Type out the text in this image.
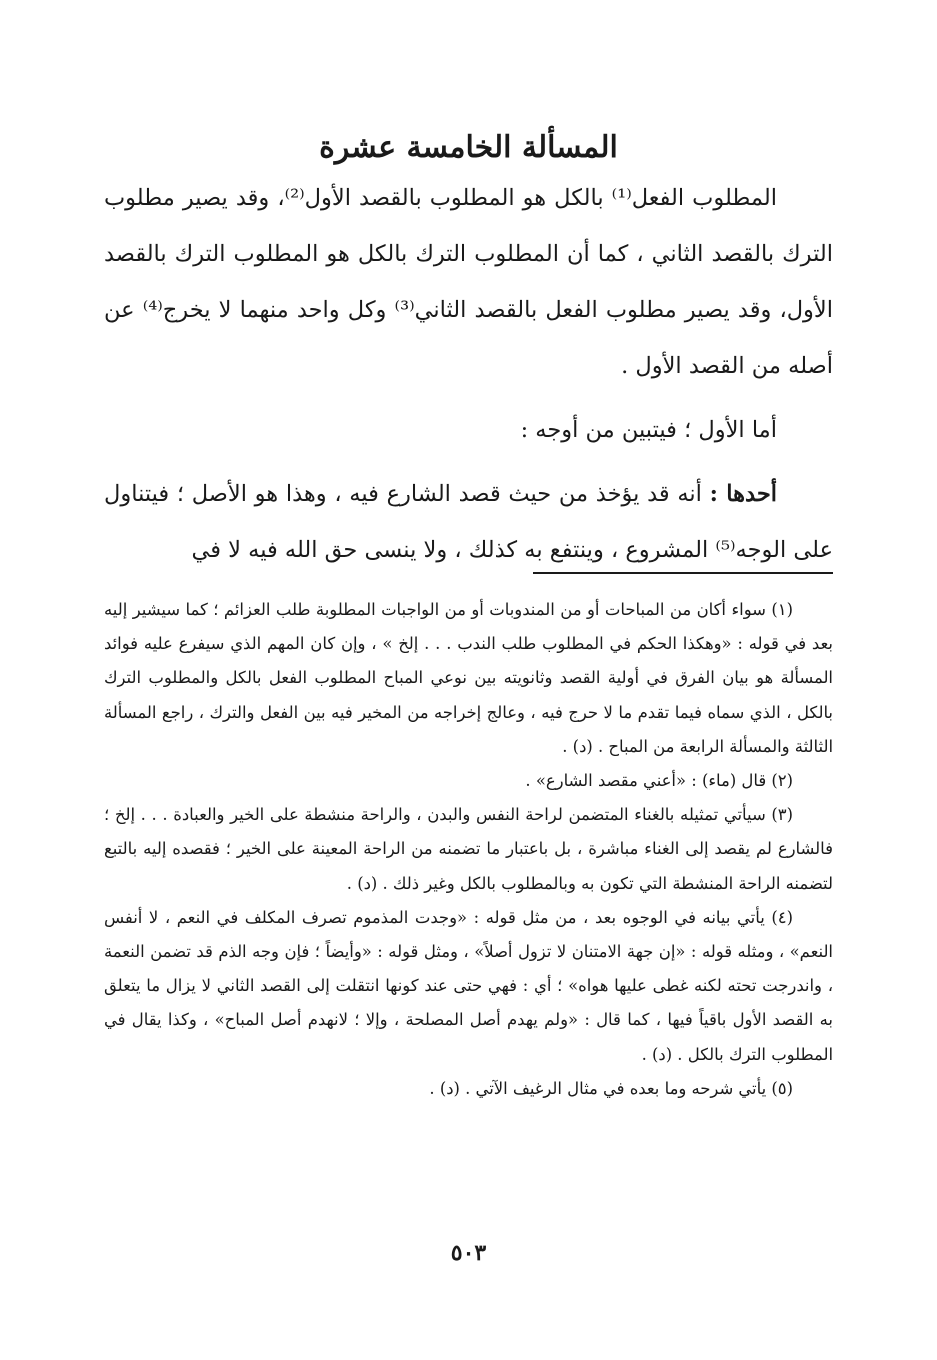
المسألة الخامسة عشرة

المطلوب الفعل⁽¹⁾ بالكل هو المطلوب بالقصد الأول⁽²⁾، وقد يصير مطلوب الترك بالقصد الثاني ، كما أن المطلوب الترك بالكل هو المطلوب الترك بالقصد الأول، وقد يصير مطلوب الفعل بالقصد الثاني⁽³⁾ وكل واحد منهما لا يخرج⁽⁴⁾ عن أصله من القصد الأول .

أما الأول ؛ فيتبين من أوجه :

أحدها : أنه قد يؤخذ من حيث قصد الشارع فيه ، وهذا هو الأصل ؛ فيتناول على الوجه⁽⁵⁾ المشروع ، وينتفع به كذلك ، ولا ينسى حق الله فيه لا في

(١) سواء أكان من المباحات أو من المندوبات أو من الواجبات المطلوبة طلب العزائم ؛ كما سيشير إليه بعد في قوله : «وهكذا الحكم في المطلوب طلب الندب . . . إلخ » ، وإن كان المهم الذي سيفرع عليه فوائد المسألة هو بيان الفرق في أولية القصد وثانويته بين نوعي المباح المطلوب الفعل بالكل والمطلوب الترك بالكل ، الذي سماه فيما تقدم ما لا حرج فيه ، وعالج إخراجه من المخير فيه بين الفعل والترك ، راجع المسألة الثالثة والمسألة الرابعة من المباح . (د) .

(٢) قال (ماء) : «أعني مقصد الشارع» .

(٣) سيأتي تمثيله بالغناء المتضمن لراحة النفس والبدن ، والراحة منشطة على الخير والعبادة . . . إلخ ؛ فالشارع لم يقصد إلى الغناء مباشرة ، بل باعتبار ما تضمنه من الراحة المعينة على الخير ؛ فقصده إليه بالتبع لتضمنه الراحة المنشطة التي تكون به وبالمطلوب بالكل وغير ذلك . (د) .

(٤) يأتي بيانه في الوجوه بعد ، من مثل قوله : «وجدت المذموم تصرف المكلف في النعم ، لا أنفس النعم» ، ومثله قوله : «إن جهة الامتنان لا تزول أصلاً» ، ومثل قوله : «وأيضاً ؛ فإن وجه الذم قد تضمن النعمة ، واندرجت تحته لكنه غطى عليها هواه» ؛ أي : فهي حتى عند كونها انتقلت إلى القصد الثاني لا يزال ما يتعلق به القصد الأول باقياً فيها ، كما قال : «ولم يهدم أصل المصلحة ، وإلا ؛ لانهدم أصل المباح» ، وكذا يقال في المطلوب الترك بالكل . (د) .

(٥) يأتي شرحه وما بعده في مثال الرغيف الآتي . (د) .

٥٠٣
